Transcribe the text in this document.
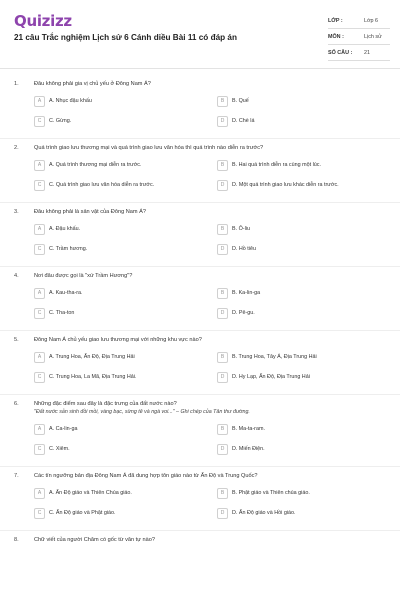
Quizizz
21 câu Trắc nghiệm Lịch sử 6 Cánh diều Bài 11 có đáp án
LỚP :	Lớp 6
MÔN :	Lịch sử
SỐ CÂU :	21
1.	Đâu không phải gia vị chủ yếu ở Đông Nam Á?
A	A. Nhục đậu khấu	B	B. Quế
C	C. Gừng.	D	D. Chè lá
2.	Quá trình giao lưu thương mại và quá trình giao lưu văn hóa thì quá trình nào diễn ra trước?
A	A. Quá trình thương mại diễn ra trước.	B	B. Hai quá trình diễn ra cùng một lúc.
C	C. Quá trình giao lưu văn hóa diễn ra trước.	D	D. Một quá trình giao lưu khác diễn ra trước.
3.	Đâu không phải là sản vật của Đông Nam Á?
A	A. Đậu khấu.	B	B. Ô-liu
C	C. Trầm hương.	D	D. Hồ tiêu
4.	Nơi đâu được gọi là "xứ Trầm Hương"?
A	A. Kau-tha-ra.	B	B. Ka-lin-ga
C	C. Tha-ton	D	D. Pê-gu.
5.	Đông Nam Á chủ yếu giao lưu thương mại với những khu vực nào?
A	A. Trung Hoa, Ấn Độ, Địa Trung Hải	B	B. Trung Hoa, Tây Á, Địa Trung Hải
C	C. Trung Hoa, La Mã, Địa Trung Hải.	D	D. Hy Lạp, Ấn Độ, Địa Trung Hải
6.	Những đặc điểm sau đây là đặc trưng của đất nước nào?
"Đất nước sản sinh đồi mồi, vàng bạc, sừng tê và ngà voi..." – Ghi chép của Tân thư đường.
A	A. Ca-lin-ga	B	B. Ma-ta-ram.
C	C. Xiêm.	D	D. Miến Điện.
7.	Các tín ngưỡng bản địa Đông Nam Á đã dung hợp tôn giáo nào từ Ấn Độ và Trung Quốc?
A	A. Ấn Độ giáo và Thiên Chúa giáo.	B	B. Phật giáo và Thiên chúa giáo.
C	C. Ấn Độ giáo và Phật giáo.	D	D. Ấn Độ giáo và Hồi giáo.
8.	Chữ viết của người Chăm có gốc từ văn tự nào?
